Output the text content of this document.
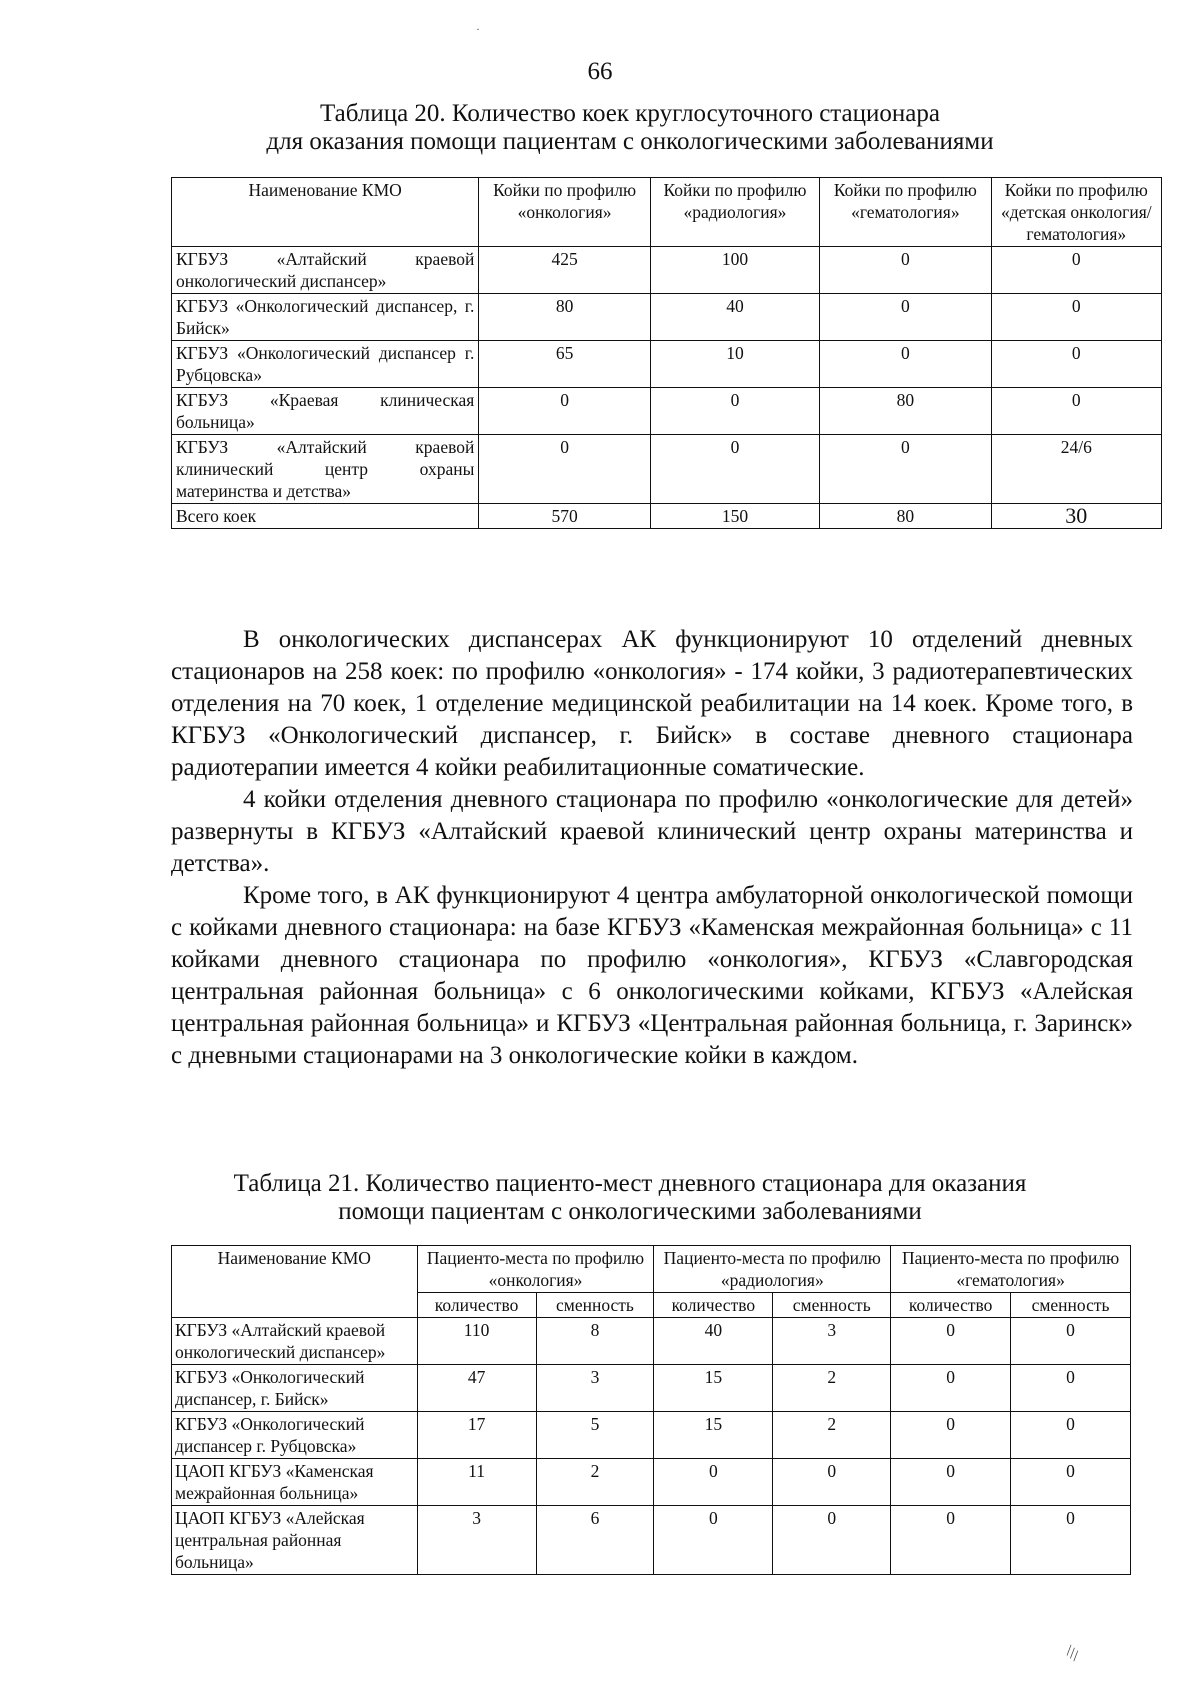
·
66
Таблица 20. Количество коек круглосуточного стационара
для оказания помощи пациентам с онкологическими заболеваниями
Наименование КМО	Койки по профилю «онкология»	Койки по профилю «радиология»	Койки по профилю «гематология»	Койки по профилю «детская онкология/ гематология»
КГБУЗ «Алтайский краевой онкологический диспансер»	425	100	0	0
КГБУЗ «Онкологический диспансер, г. Бийск»	80	40	0	0
КГБУЗ «Онкологический диспансер г. Рубцовска»	65	10	0	0
КГБУЗ «Краевая клиническая больница»	0	0	80	0
КГБУЗ «Алтайский краевой клинический центр охраны материнства и детства»	0	0	0	24/6
Всего коек	570	150	80	30

В онкологических диспансерах АК функционируют 10 отделений дневных стационаров на 258 коек: по профилю «онкология» - 174 койки, 3 радиотерапевтических отделения на 70 коек, 1 отделение медицинской реабилитации на 14 коек. Кроме того, в КГБУЗ «Онкологический диспансер, г. Бийск» в составе дневного стационара радиотерапии имеется 4 койки реабилитационные соматические.

4 койки отделения дневного стационара по профилю «онкологические для детей» развернуты в КГБУЗ «Алтайский краевой клинический центр охраны материнства и детства».

Кроме того, в АК функционируют 4 центра амбулаторной онкологической помощи с койками дневного стационара: на базе КГБУЗ «Каменская межрайонная больница» с 11 койками дневного стационара по профилю «онкология», КГБУЗ «Славгородская центральная районная больница» с 6 онкологическими койками, КГБУЗ «Алейская центральная районная больница» и КГБУЗ «Центральная районная больница, г. Заринск» с дневными стационарами на 3 онкологические койки в каждом.

Таблица 21. Количество пациенто-мест дневного стационара для оказания
помощи пациентам с онкологическими заболеваниями
Наименование КМО	Пациенто-места по профилю «онкология»		Пациенто-места по профилю «радиология»		Пациенто-места по профилю «гематология»	
	количество	сменность	количество	сменность	количество	сменность
КГБУЗ «Алтайский краевой онкологический диспансер»	110	8	40	3	0	0
КГБУЗ «Онкологический диспансер, г. Бийск»	47	3	15	2	0	0
КГБУЗ «Онкологический диспансер г. Рубцовска»	17	5	15	2	0	0
ЦАОП КГБУЗ «Каменская межрайонная больница»	11	2	0	0	0	0
ЦАОП КГБУЗ «Алейская центральная районная больница»	3	6	0	0	0	0
\\\
